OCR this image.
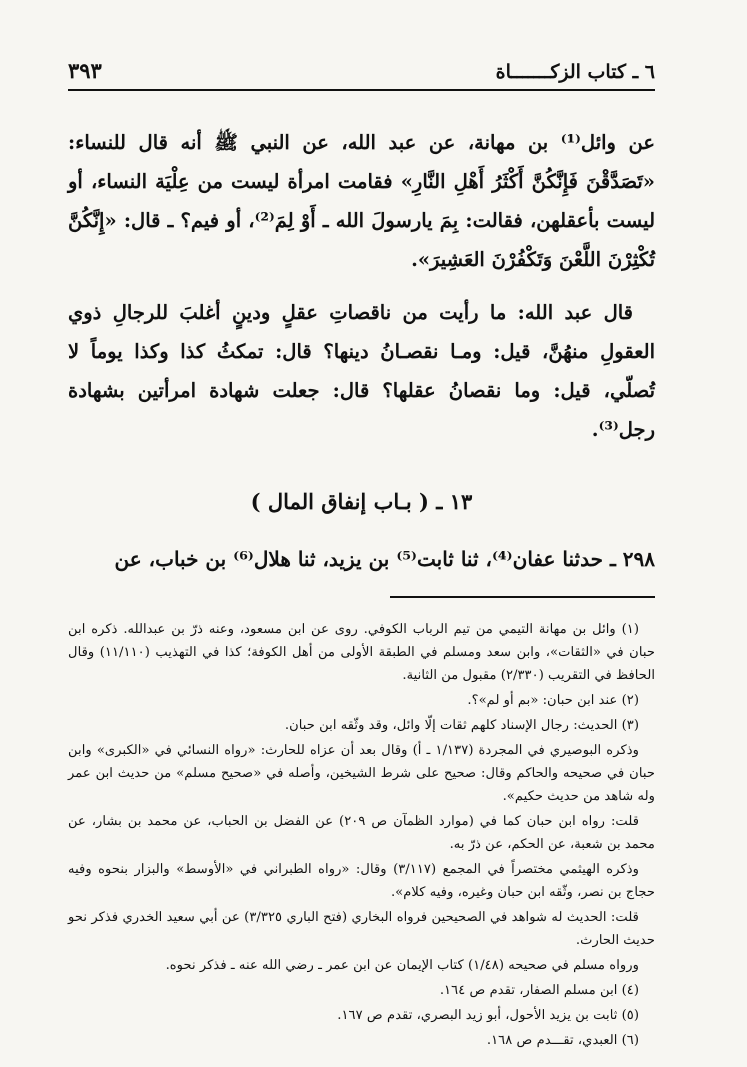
٣٩٣	٦ ـ كتاب الزكـــــــاة

عن وائل⁽¹⁾ بن مهانة، عن عبد الله، عن النبي ﷺ أنه قال للنساء: «تَصَدَّقْنَ فَإِنَّكُنَّ أَكْثَرُ أَهْلِ النَّارِ» فقامت امرأة ليست من عِلْيَة النساء، أو ليست بأعقلهن، فقالت: بِمَ يارسولَ الله ـ أَوْ لِمَ⁽²⁾، أو فيم؟ ـ قال: «إِنَّكُنَّ تُكْثِرْنَ اللَّعْنَ وَتَكْفُرْنَ العَشِيرَ».

قال عبد الله: ما رأيت من ناقصاتِ عقلٍ ودينٍ أغلبَ للرجالِ ذوي العقولِ منهُنَّ، قيل: ومـا نقصـانُ دينها؟ قال: تمكثُ كذا وكذا يوماً لا تُصلّي، قيل: وما نقصانُ عقلها؟ قال: جعلت شهادة امرأتين بشهادة رجل⁽³⁾.

١٣ ـ ( بـاب إنفاق المال )

٢٩٨ ـ حدثنا عفان⁽⁴⁾، ثنا ثابت⁽⁵⁾ بن يزيد، ثنا هلال⁽⁶⁾ بن خباب، عن

(١) وائل بن مهانة التيمي من تيم الرباب الكوفي. روى عن ابن مسعود، وعنه ذرّ بن عبدالله. ذكره ابن حبان في «الثقات»، وابن سعد ومسلم في الطبقة الأولى من أهل الكوفة؛ كذا في التهذيب (١١/١١٠) وقال الحافظ في التقريب (٢/٣٣٠) مقبول من الثانية.

(٢) عند ابن حبان: «بم أو لم»؟.

(٣) الحديث: رجال الإسناد كلهم ثقات إلّا وائل، وقد وثّقه ابن حبان.

وذكره البوصيري في المجردة (١/١٣٧ ـ أ) وقال بعد أن عزاه للحارث: «رواه النسائي في «الكبرى» وابن حبان في صحيحه والحاكم وقال: صحيح على شرط الشيخين، وأصله في «صحيح مسلم» من حديث ابن عمر وله شاهد من حديث حكيم».

قلت: رواه ابن حبان كما في (موارد الظمآن ص ٢٠٩) عن الفضل بن الحباب، عن محمد بن بشار، عن محمد بن شعبة، عن الحكم، عن ذرّ به.

وذكره الهيثمي مختصراً في المجمع (٣/١١٧) وقال: «رواه الطبراني في «الأوسط» والبزار بنحوه وفيه حجاج بن نصر، وثّقه ابن حبان وغيره، وفيه كلام».

قلت: الحديث له شواهد في الصحيحين فرواه البخاري (فتح الباري ٣/٣٢٥) عن أبي سعيد الخدري فذكر نحو حديث الحارث.

ورواه مسلم في صحيحه (١/٤٨) كتاب الإيمان عن ابن عمر ـ رضي الله عنه ـ فذكر نحوه.

(٤) ابن مسلم الصفار، تقدم ص ١٦٤.

(٥) ثابت بن يزيد الأحول، أبو زيد البصري، تقدم ص ١٦٧.

(٦) العبدي، تقـــدم ص ١٦٨.
